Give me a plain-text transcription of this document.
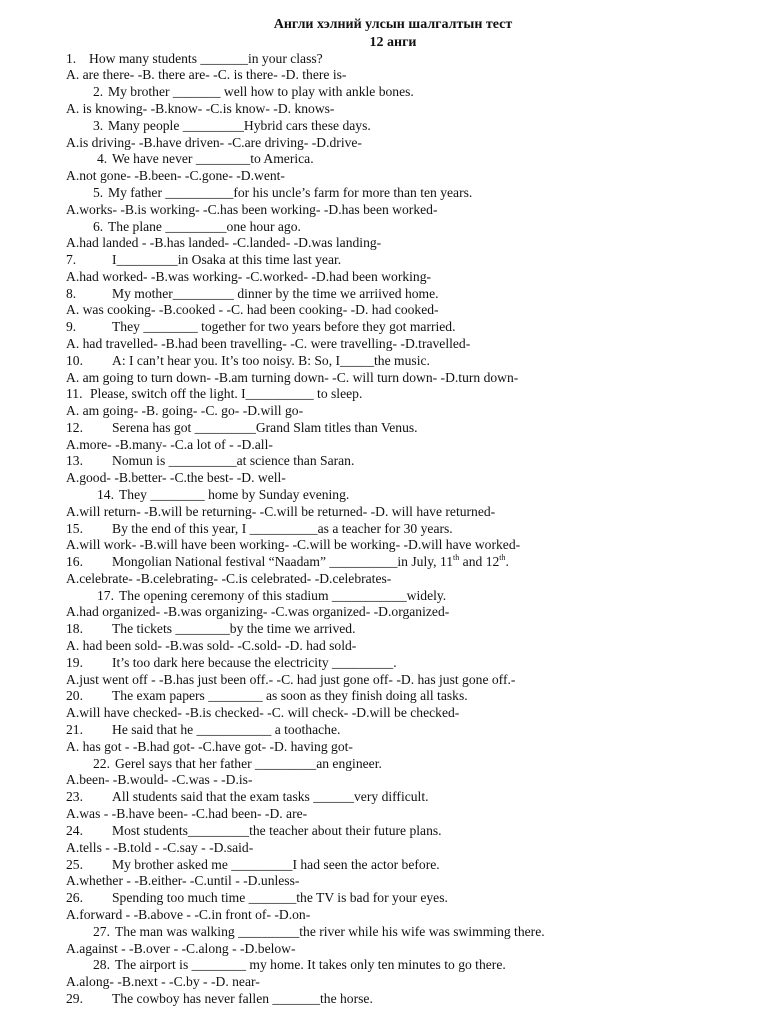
Англи хэлний улсын шалгалтын тест
12 анги
1. How many students _______in your class?
A. are there- -B. there are- -C. is there- -D. there is-
2. My brother _______ well how to play with ankle bones.
A. is knowing- -B.know- -C.is know- -D. knows-
3. Many people _________Hybrid cars these days.
A.is driving- -B.have driven- -C.are driving- -D.drive-
4. We have never ________to America.
A.not gone- -B.been- -C.gone- -D.went-
5. My father __________for his uncle’s farm for more than ten years.
A.works- -B.is working- -C.has been working- -D.has been worked-
6. The plane _________one hour ago.
A.had landed - -B.has landed- -C.landed- -D.was landing-
7.	I_________in Osaka at this time last year.
A.had worked- -B.was working- -C.worked- -D.had been working-
8.	My mother_________ dinner by the time we arriived home.
A. was cooking- -B.cooked - -C. had been cooking- -D. had cooked-
9.	They ________ together for two years before they got married.
A. had travelled- -B.had been travelling- -C. were travelling- -D.travelled-
10. A: I can’t hear you. It’s too noisy. B: So, I_____the music.
A. am going to turn down- -B.am turning down- -C. will turn down- -D.turn down-
11. Please, switch off the light. I__________ to sleep.
A. am going- -B. going- -C. go- -D.will go-
12. Serena has got _________Grand Slam titles than Venus.
A.more- -B.many- -C.a lot of - -D.all-
13. Nomun is __________at science than Saran.
A.good- -B.better- -C.the best- -D. well-
14. They ________ home by Sunday evening.
A.will return- -B.will be returning- -C.will be returned- -D. will have returned-
15. By the end of this year, I __________as a teacher for 30 years.
A.will work- -B.will have been working- -C.will be working- -D.will have worked-
16. Mongolian National festival “Naadam” __________in July, 11th and 12th.
A.celebrate- -B.celebrating- -C.is celebrated- -D.celebrates-
17. The opening ceremony of this stadium ___________widely.
A.had organized- -B.was organizing- -C.was organized- -D.organized-
18. The tickets ________by the time we arrived.
A. had been sold- -B.was sold- -C.sold- -D. had sold-
19. It’s too dark here because the electricity _________.
A.just went off - -B.has just been off.- -C. had just gone off- -D. has just gone off.-
20. The exam papers ________ as soon as they finish doing all tasks.
A.will have checked- -B.is checked- -C. will check- -D.will be checked-
21. He said that he ___________ a toothache.
A. has got - -B.had got- -C.have got- -D. having got-
22. Gerel says that her father _________an engineer.
A.been- -B.would- -C.was - -D.is-
23. All students said that the exam tasks ______very difficult.
A.was - -B.have been- -C.had been- -D. are-
24. Most students_________the teacher about their future plans.
A.tells - -B.told - -C.say - -D.said-
25. My brother asked me _________I had seen the actor before.
A.whether - -B.either- -C.until - -D.unless-
26. Spending too much time _______the TV is bad for your eyes.
A.forward - -B.above - -C.in front of- -D.on-
27. The man was walking _________the river while his wife was swimming there.
A.against - -B.over - -C.along - -D.below-
28. The airport is ________ my home. It takes only ten minutes to go there.
A.along- -B.next - -C.by - -D. near-
29. The cowboy has never fallen _______the horse.
